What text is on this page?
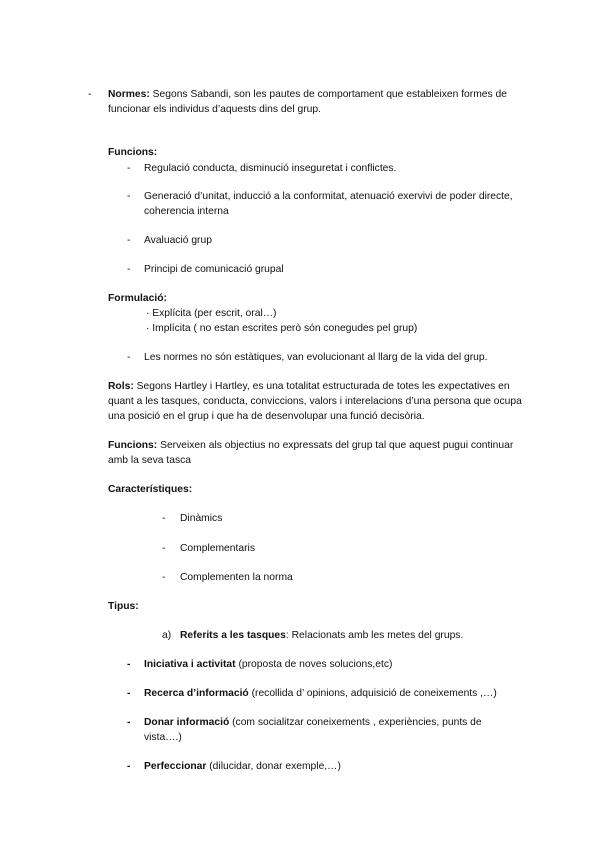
- Normes: Segons Sabandi, son les pautes de comportament que estableixen formes de funcionar els individus d’aquests dins del grup.
Funcions:
- Regulació conducta, disminució inseguretat i conflictes.
- Generació d’unitat, inducció a la conformitat, atenuació exervivi de poder directe, coherencia interna
- Avaluació grup
- Principi de comunicació grupal
Formulació:
· Explícita (per escrit, oral…)
· Implícita ( no estan escrites però són conegudes pel grup)
- Les normes no són estàtiques, van evolucionant al llarg de la vida del grup.
Rols: Segons Hartley i Hartley, es una totalitat estructurada de totes les expectatives en quant a les tasques, conducta, conviccions, valors i interelacions d’una persona que ocupa una posició en el grup i que ha de desenvolupar una funció decisòria.
Funcions: Serveixen als objectius no expressats del grup tal que aquest pugui continuar amb la seva tasca
Característiques:
- Dinàmics
- Complementaris
- Complementen la norma
Tipus:
a) Referits a les tasques: Relacionats amb les metes del grups.
- Iniciativa i activitat (proposta de noves solucions,etc)
- Recerca d’informació (recollida d’ opinions, adquisició de coneixements ,…)
- Donar informació (com socialitzar coneixements , experiències, punts de vista….)
- Perfeccionar (dilucidar, donar exemple,…)
